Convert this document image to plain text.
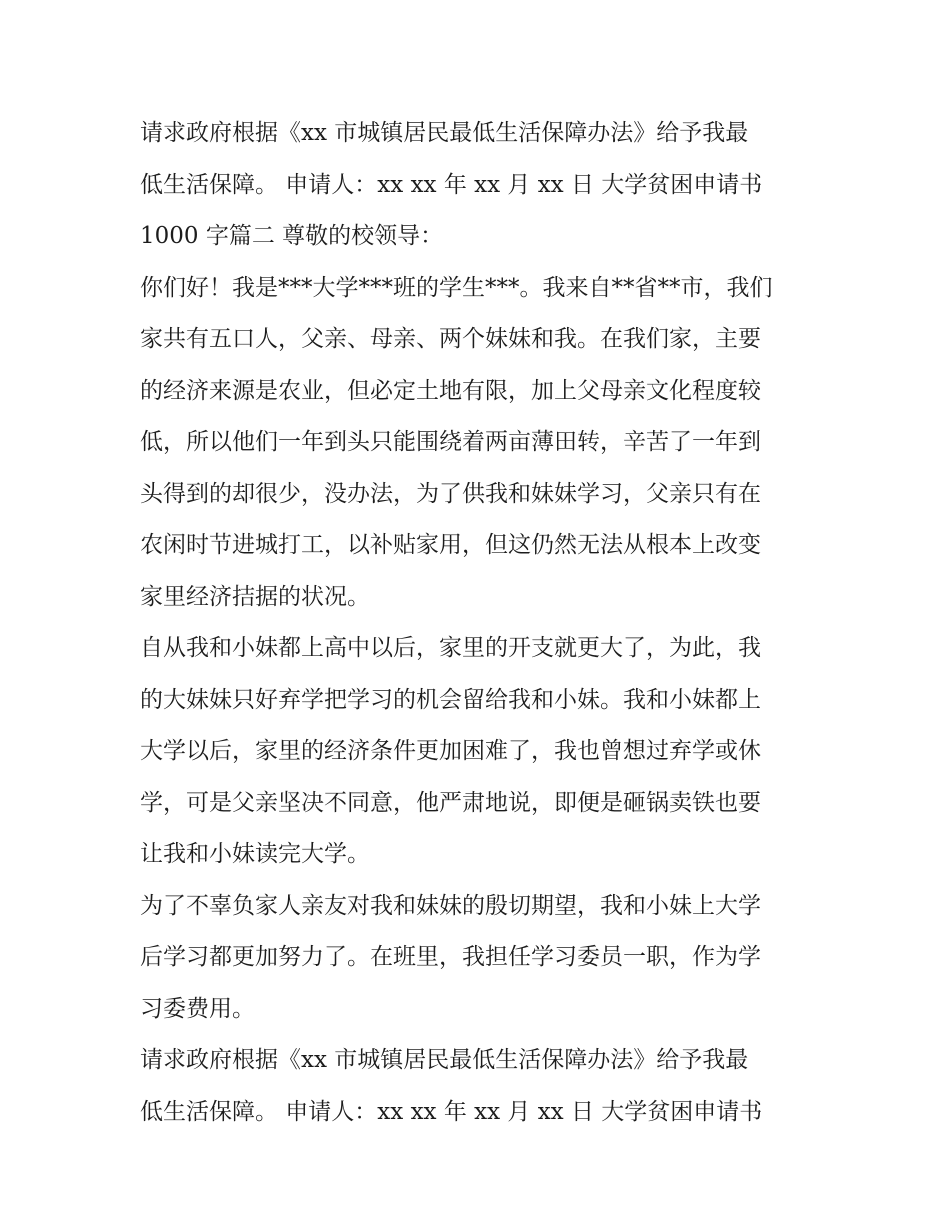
请求政府根据《xx 市城镇居民最低生活保障办法》给予我最
低生活保障。 申请人：xx xx 年 xx 月 xx 日 大学贫困申请书
1000 字篇二 尊敬的校领导：
你们好！我是***大学***班的学生***。我来自**省**市，我们
家共有五口人，父亲、母亲、两个妹妹和我。在我们家，主要
的经济来源是农业，但必定土地有限，加上父母亲文化程度较
低，所以他们一年到头只能围绕着两亩薄田转，辛苦了一年到
头得到的却很少，没办法，为了供我和妹妹学习，父亲只有在
农闲时节进城打工，以补贴家用，但这仍然无法从根本上改变
家里经济拮据的状况。
自从我和小妹都上高中以后，家里的开支就更大了，为此，我
的大妹妹只好弃学把学习的机会留给我和小妹。我和小妹都上
大学以后，家里的经济条件更加困难了，我也曾想过弃学或休
学，可是父亲坚决不同意，他严肃地说，即便是砸锅卖铁也要
让我和小妹读完大学。
为了不辜负家人亲友对我和妹妹的殷切期望，我和小妹上大学
后学习都更加努力了。在班里，我担任学习委员一职，作为学
习委费用。
请求政府根据《xx 市城镇居民最低生活保障办法》给予我最
低生活保障。 申请人：xx xx 年 xx 月 xx 日 大学贫困申请书
